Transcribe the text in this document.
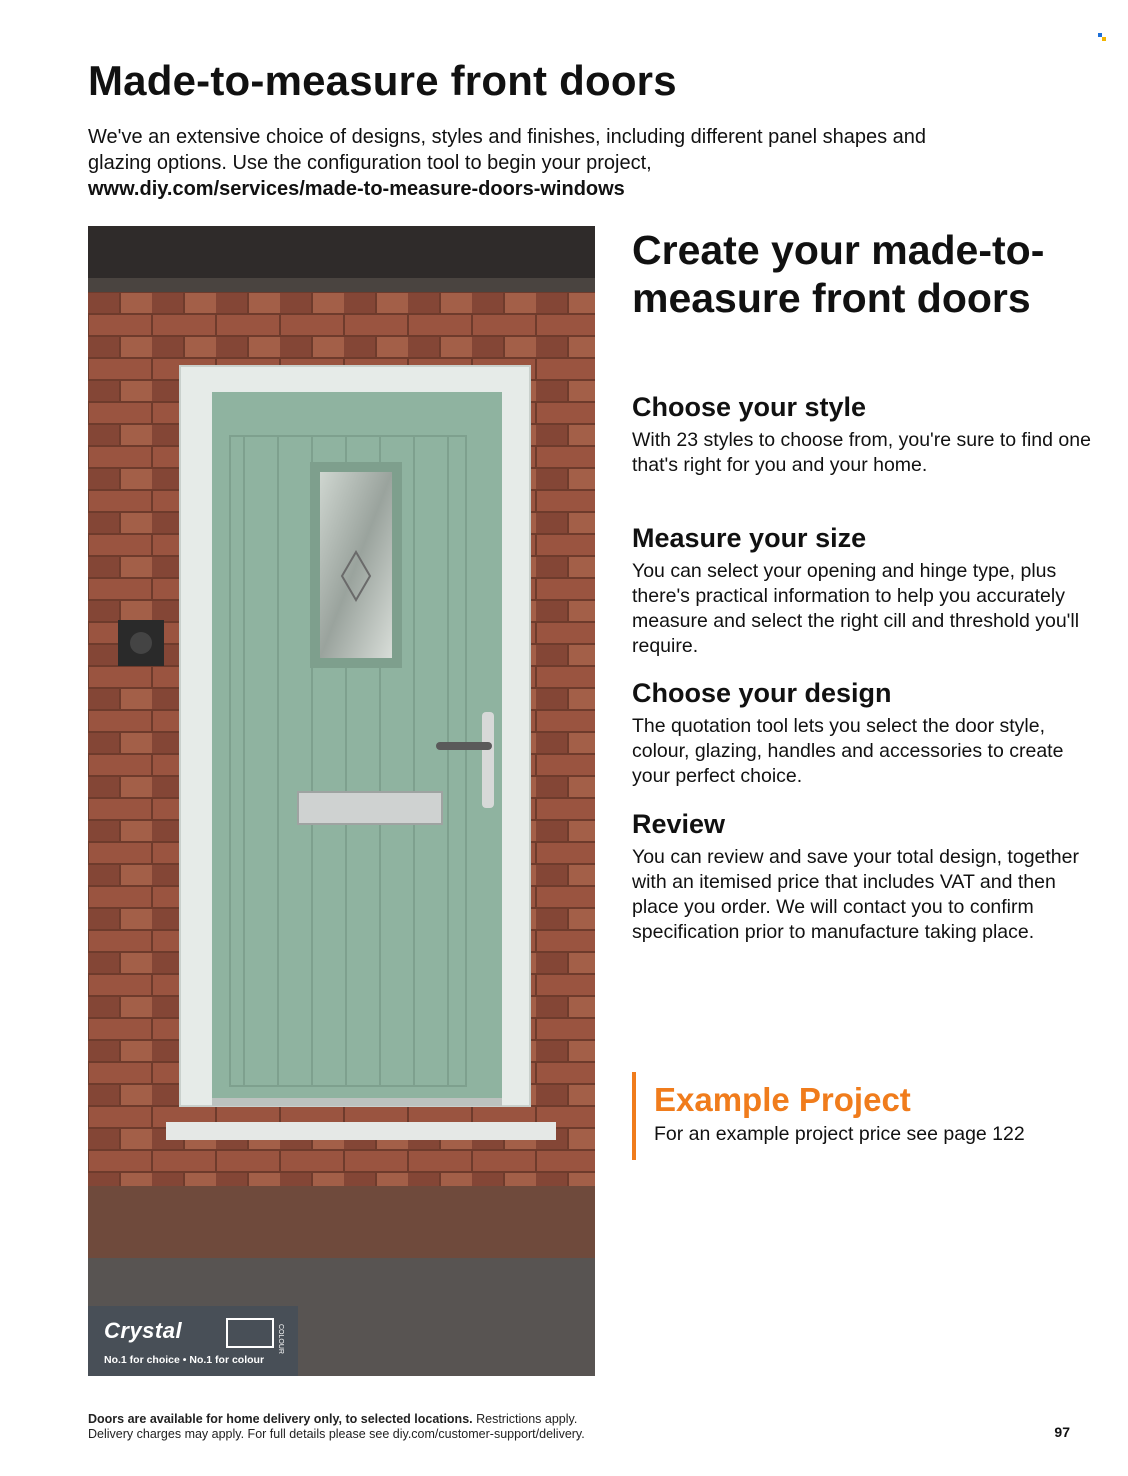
Made-to-measure front doors
We've an extensive choice of designs, styles and finishes, including different panel shapes and glazing options. Use the configuration tool to begin your project,
www.diy.com/services/made-to-measure-doors-windows
Crystal	COLOUR
No.1 for choice • No.1 for colour
Create your made-to-measure front doors
Choose your style

With 23 styles to choose from, you're sure to find one that's right for you and your home.

Measure your size

You can select your opening and hinge type, plus there's practical information to help you accurately measure and select the right cill and threshold you'll require.

Choose your design

The quotation tool lets you select the door style, colour, glazing, handles and accessories to create your perfect choice.

Review

You can review and save your total design, together with an itemised price that includes VAT and then place you order. We will contact you to confirm specification prior to manufacture taking place.

Example Project

For an example project price see page 122

Doors are available for home delivery only, to selected locations. Restrictions apply.
Delivery charges may apply. For full details please see diy.com/customer-support/delivery.	97
